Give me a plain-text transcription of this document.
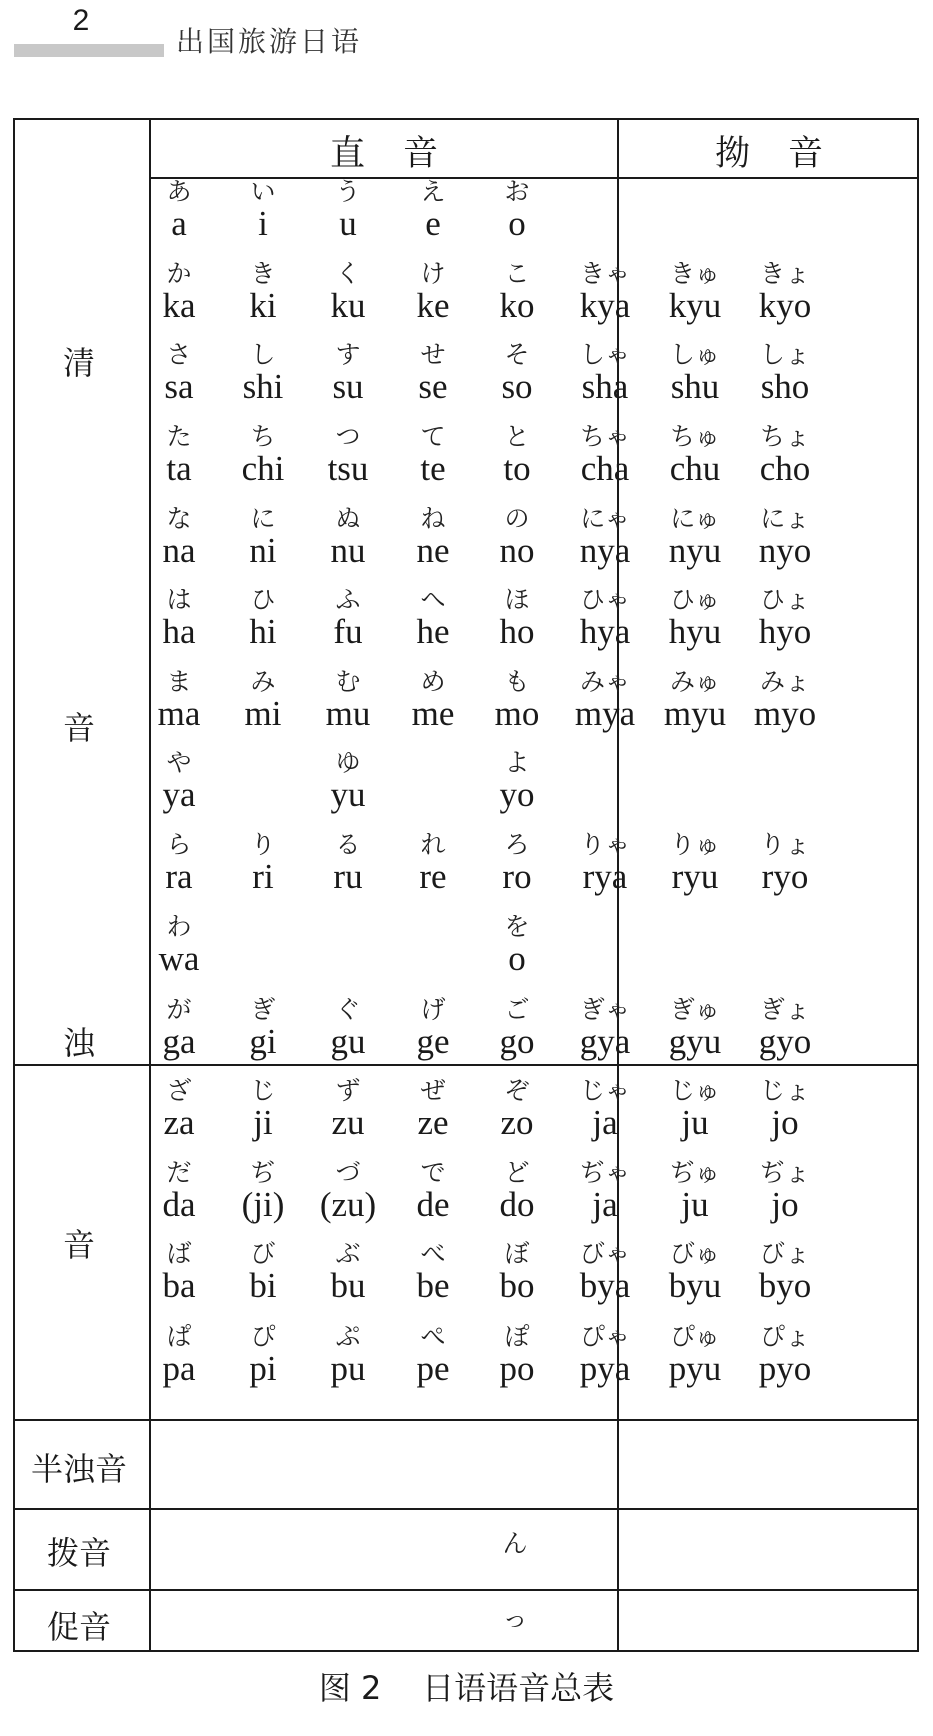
2
出国旅游日语
直音	拗音
清
音
浊
音
半浊音
拨音
促音
ん
っ
あ
a
い
i
う
u
え
e
お
o
か
ka
き
ki
く
ku
け
ke
こ
ko
さ
sa
し
shi
す
su
せ
se
そ
so
た
ta
ち
chi
つ
tsu
て
te
と
to
な
na
に
ni
ぬ
nu
ね
ne
の
no
は
ha
ひ
hi
ふ
fu
へ
he
ほ
ho
ま
ma
み
mi
む
mu
め
me
も
mo
や
ya
ゆ
yu
よ
yo
ら
ra
り
ri
る
ru
れ
re
ろ
ro
わ
wa
を
o
が
ga
ぎ
gi
ぐ
gu
げ
ge
ご
go
ざ
za
じ
ji
ず
zu
ぜ
ze
ぞ
zo
だ
da
ぢ
(ji)
づ
(zu)
で
de
ど
do
ば
ba
び
bi
ぶ
bu
べ
be
ぼ
bo
ぱ
pa
ぴ
pi
ぷ
pu
ぺ
pe
ぽ
po
きゃ
kya
きゅ
kyu
きょ
kyo
しゃ
sha
しゅ
shu
しょ
sho
ちゃ
cha
ちゅ
chu
ちょ
cho
にゃ
nya
にゅ
nyu
にょ
nyo
ひゃ
hya
ひゅ
hyu
ひょ
hyo
みゃ
mya
みゅ
myu
みょ
myo
りゃ
rya
りゅ
ryu
りょ
ryo
ぎゃ
gya
ぎゅ
gyu
ぎょ
gyo
じゃ
ja
じゅ
ju
じょ
jo
ぢゃ
ja
ぢゅ
ju
ぢょ
jo
びゃ
bya
びゅ
byu
びょ
byo
ぴゃ
pya
ぴゅ
pyu
ぴょ
pyo
图 2 日语语音总表
